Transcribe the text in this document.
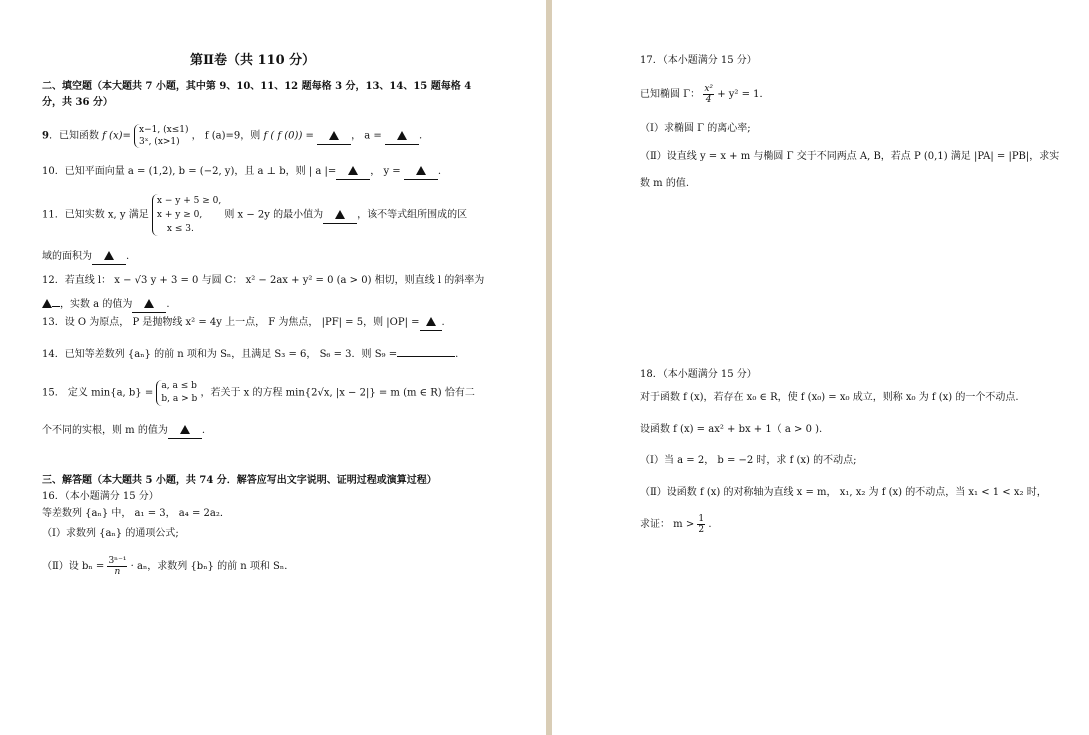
第Ⅱ卷（共 110 分）
二、填空题（本大题共 7 小题，其中第 9、10、11、12 题每格 3 分，13、14、15 题每格 4
分，共 36 分）
9．已知函数 f (x)=
x−1, (x≤1)
3ˣ, (x>1)
， f (a)=9，则 f ( f (0)) =	， a =	.
10．已知平面向量 a = (1,2), b = (−2, y)，且 a ⊥ b，则 | a |=	， y =	.
11．已知实数 x, y 满足
x − y + 5 ≥ 0,
x + y ≥ 0,
x ≤ 3.
则 x − 2y 的最小值为	，该不等式组所围成的区
域的面积为	.
12．若直线 l： x − √3 y + 3 = 0 与圆 C： x² − 2ax + y² = 0 (a > 0) 相切，则直线 l 的斜率为
，实数 a 的值为	.
13．设 O 为原点， P 是抛物线 x² = 4y 上一点， F 为焦点， |PF| = 5，则 |OP| = .
14．已知等差数列 {aₙ} 的前 n 项和为 Sₙ，且满足 S₃ = 6， S₆ = 3．则 S₉ =	.
15． 定义 min{a, b} =
a, a ≤ b
b, a > b
，若关于 x 的方程 min{2√x, |x − 2|} = m (m ∈ R) 恰有二
个不同的实根，则 m 的值为	.
三、解答题（本大题共 5 小题，共 74 分．解答应写出文字说明、证明过程或演算过程）
16．（本小题满分 15 分）
等差数列 {aₙ} 中， a₁ = 3， a₄ = 2a₂．
（Ⅰ）求数列 {aₙ} 的通项公式;
（Ⅱ）设 $b_n = \frac{\text{3ⁿ⁻¹}}{n} \cdot a_n$，求数列 {bₙ} 的前 n 项和 Sₙ．
17．（本小题满分 15 分）
已知椭圆 Γ： $\frac{\text{x²}}{4} + y^2 = 1$．
（Ⅰ）求椭圆 Γ 的离心率;
（Ⅱ）设直线 y = x + m 与椭圆 Γ 交于不同两点 A, B，若点 P (0,1) 满足 |PA| = |PB|，求实
数 m 的值.
18．（本小题满分 15 分）
对于函数 f (x)，若存在 x₀ ∈ R，使 f (x₀) = x₀ 成立，则称 x₀ 为 f (x) 的一个不动点.
设函数 f (x) = ax² + bx + 1（ a > 0 ).
（Ⅰ）当 a = 2， b = −2 时，求 f (x) 的不动点;
（Ⅱ）设函数 f (x) 的对称轴为直线 x = m， x₁, x₂ 为 f (x) 的不动点，当 x₁ < 1 < x₂ 时，
求证： $m > \frac{1}{2}$ .
